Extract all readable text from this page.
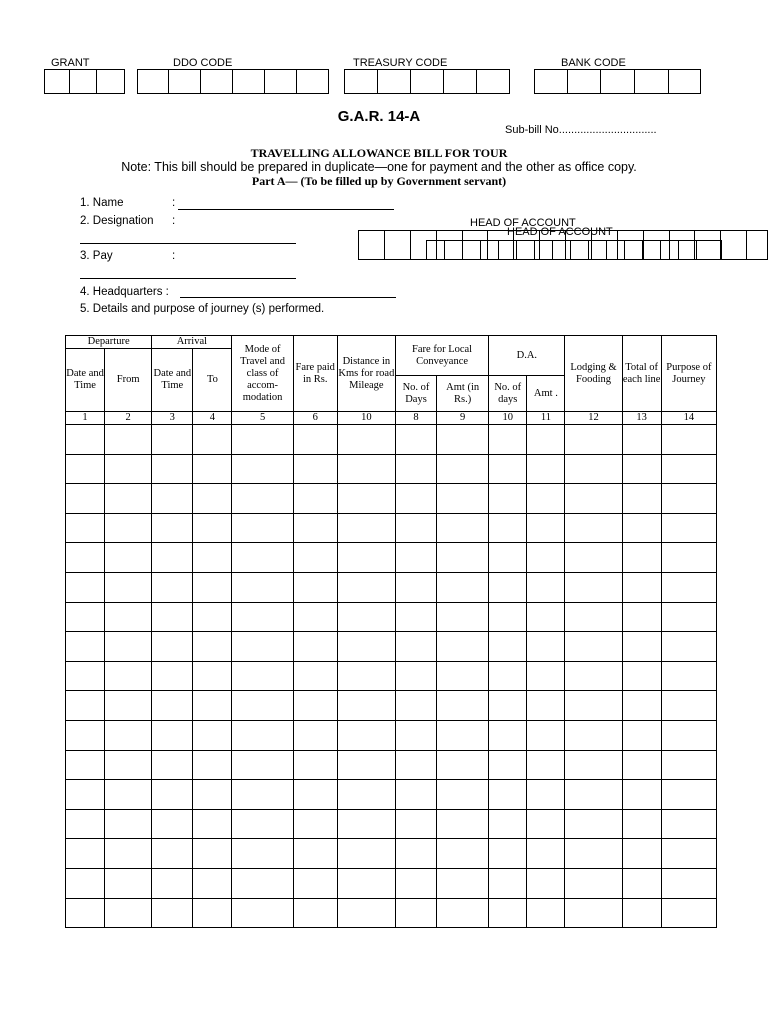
GRANT	DDO CODE	TREASURY CODE	BANK CODE
G.A.R. 14-A
Sub-bill No................................
TRAVELLING ALLOWANCE BILL FOR TOUR
Note: This bill should be prepared in duplicate—one for payment and the other as office copy.
Part A— (To be filled up by Government servant)
1. Name	:
2. Designation :
3. Pay	:
4. Headquarters :
5. Details and purpose of journey (s) performed.
HEAD OF ACCOUNT
HEAD OF ACCOUNT
Departure		Arrival		Mode of Travel and class of accom-modation	Fare paid in Rs.	Distance in Kms for road Mileage	Fare for Local Conveyance		D.A.		Lodging & Fooding	Total of each line	Purpose of Journey
Date and Time	From	Date and Time	To										
							No. of Days	Amt (in Rs.)	No. of days	Amt .			
1	2	3	4	5	6	10	8	9	10	11	12	13	14
